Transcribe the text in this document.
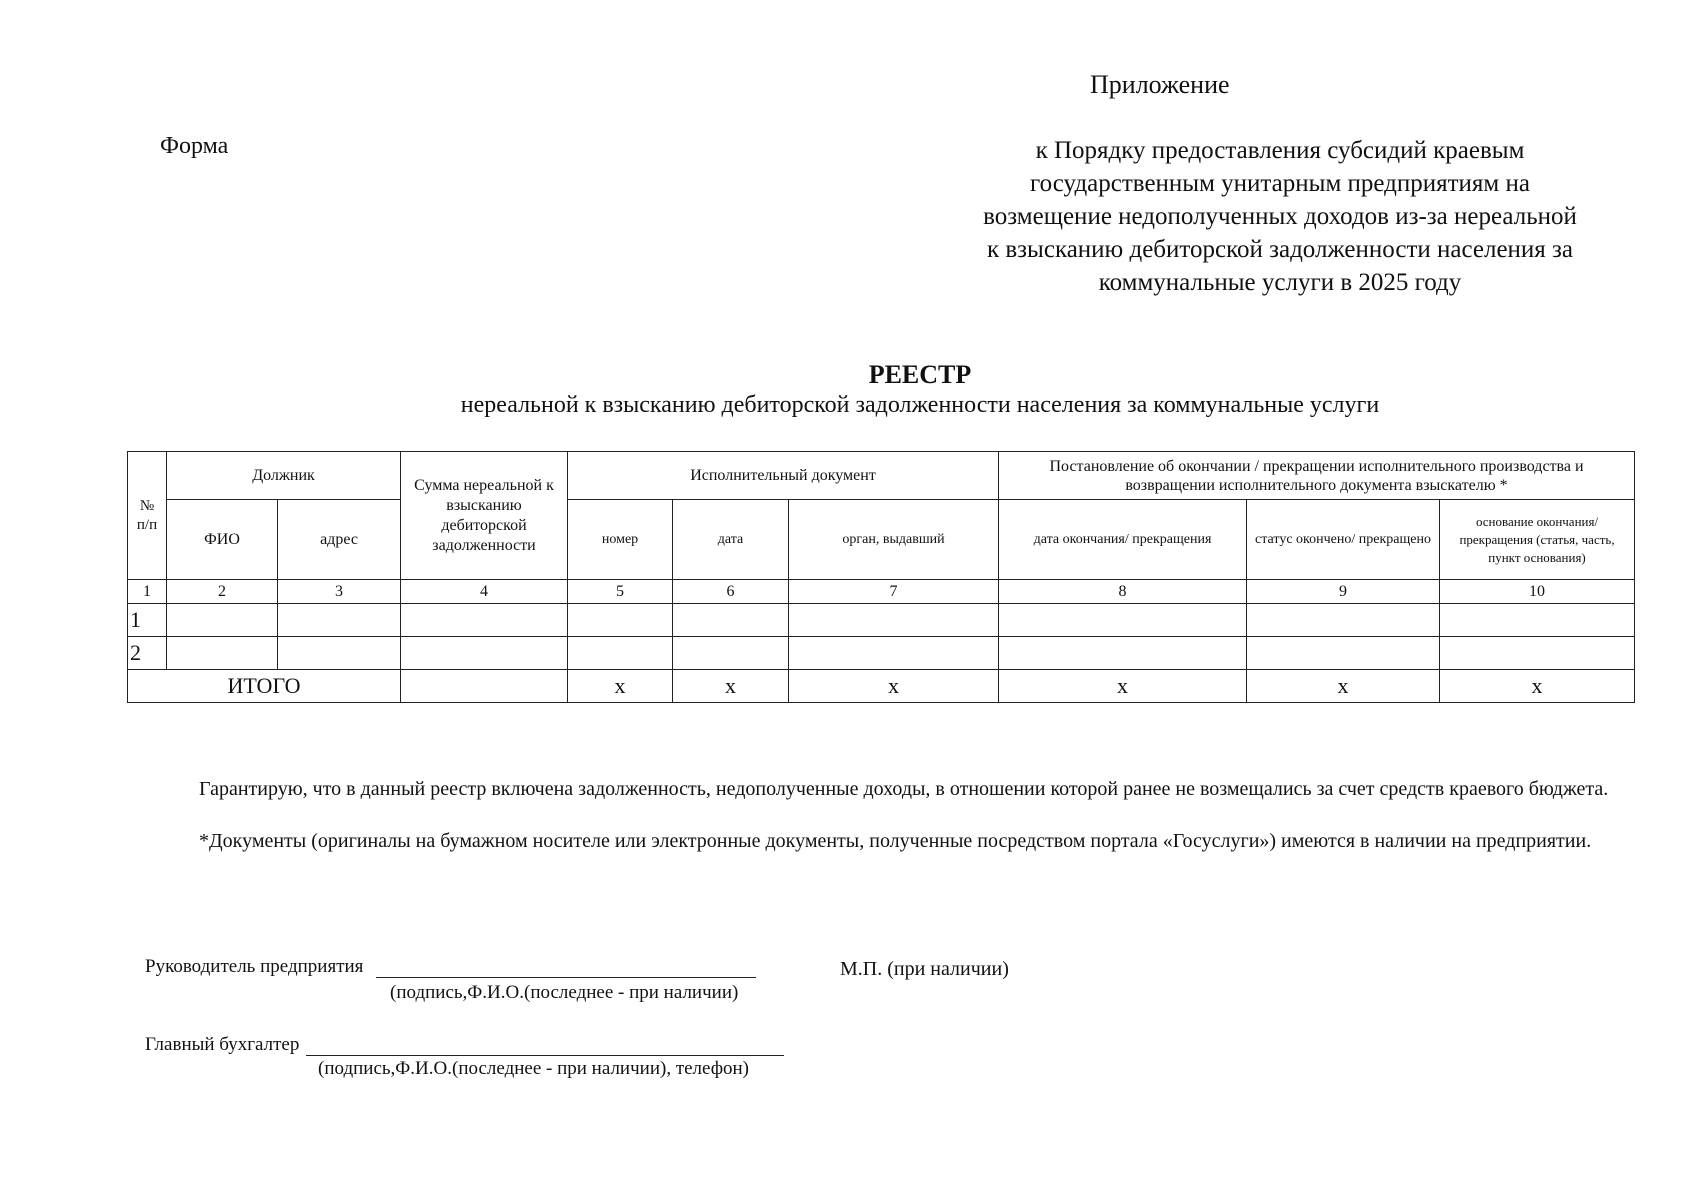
Приложение
Форма	к Порядку предоставления субсидий краевым государственным унитарным предприятиям на возмещение недополученных доходов из-за нереальной к взысканию дебиторской задолженности населения за коммунальные услуги в 2025 году
РЕЕСТР
нереальной к взысканию дебиторской задолженности населения за коммунальные услуги
№ п/п	Должник		Сумма нереальной к взысканию дебиторской задолженности	Исполнительный документ			Постановление об окончании / прекращении исполнительного производства и возвращении исполнительного документа взыскателю *		
	ФИО	адрес		номер	дата	орган, выдавший	дата окончания/ прекращения	статус окончено/ прекращено	основание окончания/прекращения (статья, часть, пункт основания)
1	2	3	4	5	6	7	8	9	10
1									
2									
ИТОГО				х	х	х	х	х	х
Гарантирую, что в данный реестр включена задолженность, недополученные доходы, в отношении которой ранее не возмещались за счет средств краевого бюджета.
*Документы (оригиналы на бумажном носителе или электронные документы, полученные посредством портала «Госуслуги») имеются в наличии на предприятии.
Руководитель предприятия
(подпись,Ф.И.О.(последнее - при наличии)
М.П. (при наличии)
Главный бухгалтер
(подпись,Ф.И.О.(последнее - при наличии), телефон)
